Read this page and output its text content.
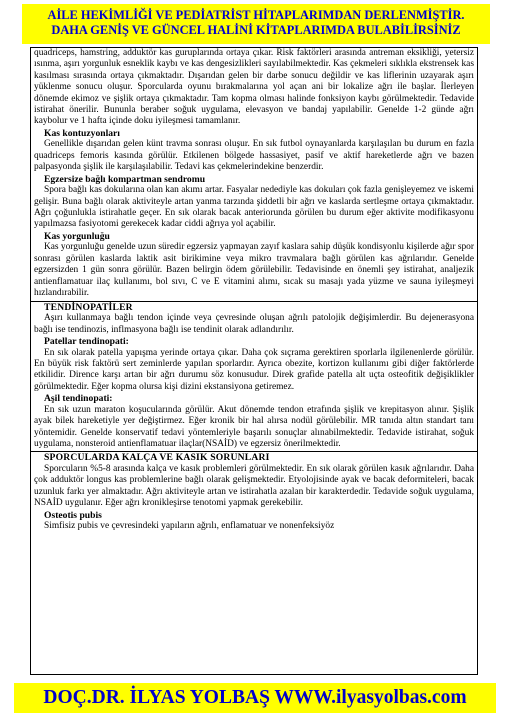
AİLE HEKİMLİĞİ VE PEDİATRİST HİTAPLARIMDAN DERLENMİŞTİR.
DAHA GENİŞ VE GÜNCEL HALİNİ KİTAPLARIMDA BULABİLİRSİNİZ

quadriceps, hamstring, adduktör kas guruplarında ortaya çıkar. Risk faktörleri arasında antreman eksikliği, yetersiz ısınma, aşırı yorgunluk esneklik kaybı ve kas dengesizlikleri sayılabilmektedir. Kas çekmeleri sıklıkla ekstrensek kas kasılması sırasında ortaya çıkmaktadır. Dışarıdan gelen bir darbe sonucu değildir ve kas liflerinin uzayarak aşırı yüklenme sonucu oluşur. Sporcularda oyunu bırakmalarına yol açan ani bir lokalize ağrı ile başlar. İlerleyen dönemde ekimoz ve şişlik ortaya çıkmaktadır. Tam kopma olması halinde fonksiyon kaybı görülmektedir. Tedavide istirahat önerilir. Bununla beraber soğuk uygulama, elevasyon ve bandaj yapılabilir. Genelde 1-2 günde ağrı kaybolur ve 1 hafta içinde doku iyileşmesi tamamlanır.

Kas kontuzyonları

Genellikle dışarıdan gelen künt travma sonrası oluşur. En sık futbol oynayanlarda karşılaşılan bu durum en fazla quadriceps femoris kasında görülür. Etkilenen bölgede hassasiyet, pasif ve aktif hareketlerde ağrı ve bazen palpasyonda şişlik ile karşılaşılabilir. Tedavi kas çekmelerindekine benzerdir.

Egzersize bağlı kompartman sendromu

Spora bağlı kas dokularına olan kan akımı artar. Fasyalar nedediyle kas dokuları çok fazla genişleyemez ve iskemi gelişir. Buna bağlı olarak aktiviteyle artan yanma tarzında şiddetli bir ağrı ve kaslarda sertleşme ortaya çıkmaktadır. Ağrı çoğunlukla istirahatle geçer. En sık olarak bacak anteriorunda görülen bu durum eğer aktivite modifikasyonu yapılmazsa fasiyotomi gerekecek kadar ciddi ağrıya yol açabilir.

Kas yorgunluğu

Kas yorgunluğu genelde uzun süredir egzersiz yapmayan zayıf kaslara sahip düşük kondisyonlu kişilerde ağır spor sonrası görülen kaslarda laktik asit birikimine veya mikro travmalara bağlı görülen kas ağrılarıdır. Genelde egzersizden 1 gün sonra görülür. Bazen belirgin ödem görülebilir. Tedavisinde en önemli şey istirahat, analjezik antienflamatuar ilaç kullanımı, bol sıvı, C ve E vitamini alımı, sıcak su masajı yada yüzme ve sauna iyileşmeyi hızlandırabilir.

TENDİNOPATİLER

Aşırı kullanmaya bağlı tendon içinde veya çevresinde oluşan ağrılı patolojik değişimlerdir. Bu dejenerasyona bağlı ise tendinozis, inflmasyona bağlı ise tendinit olarak adlandırılır.

Patellar tendinopati:

En sık olarak patella yapışma yerinde ortaya çıkar. Daha çok sıçrama gerektiren sporlarla ilgilenenlerde görülür. En büyük risk faktörü sert zeminlerde yapılan sporlardır. Ayrıca obezite, kortizon kullanımı gibi diğer faktörlerde etkilidir. Dirence karşı artan bir ağrı durumu söz konusudur. Direk grafide patella alt uçta osteofitik değişiklikler görülmektedir. Eğer kopma olursa kişi dizini ekstansiyona getiremez.

Aşil tendinopati:

En sık uzun maraton koşucularında görülür. Akut dönemde tendon etrafında şişlik ve krepitasyon alınır. Şişlik ayak bilek hareketiyle yer değiştirmez. Eğer kronik bir hal alırsa nodül görülebilir. MR tanıda altın standart tanı yöntemidir. Genelde konservatif tedavi yöntemleriyle başarılı sonuçlar alınabilmektedir. Tedavide istirahat, soğuk uygulama, nonsteroid antienflamatuar ilaçlar(NSAİD) ve egzersiz önerilmektedir.

SPORCULARDA KALÇA VE KASIK SORUNLARI

Sporcuların %5-8 arasında kalça ve kasık problemleri görülmektedir. En sık olarak görülen kasık ağrılarıdır. Daha çok adduktör longus kas problemlerine bağlı olarak gelişmektedir. Etyolojisinde ayak ve bacak deformiteleri, bacak uzunluk farkı yer almaktadır. Ağrı aktiviteyle artan ve istirahatla azalan bir karakterdedir. Tedavide soğuk uygulama, NSAİD uygulanır. Eğer ağrı kronikleşirse tenotomi yapmak gerekebilir.

Osteotis pubis

Simfisiz pubis ve çevresindeki yapıların ağrılı, enflamatuar ve nonenfeksiyöz

DOÇ.DR. İLYAS YOLBAŞ WWW.ilyasyolbas.com
